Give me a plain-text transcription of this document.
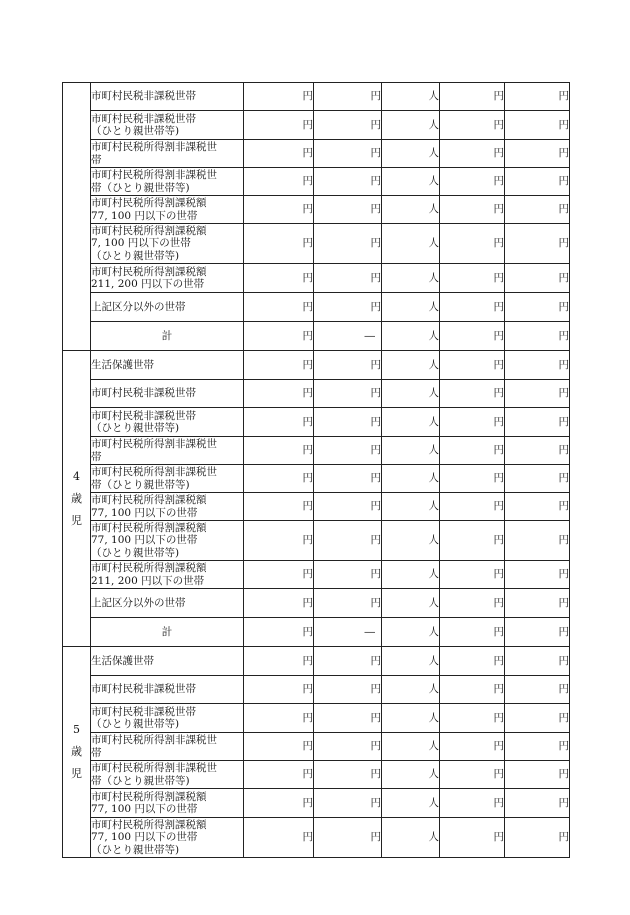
	市町村民税非課税世帯	円	円	人	円	円

	市町村民税非課税世帯
（ひとり親世帯等)	円	円	人	円	円

	市町村民税所得割非課税世
帯	円	円	人	円	円

	市町村民税所得割非課税世
帯（ひとり親世帯等)	円	円	人	円	円

	市町村民税所得割課税額
77, 100 円以下の世帯	円	円	人	円	円

	市町村民税所得割課税額
7, 100 円以下の世帯
（ひとり親世帯等)	円	円	人	円	円

	市町村民税所得割課税額
211, 200 円以下の世帯	円	円	人	円	円

	上記区分以外の世帯	円	円	人	円	円

	計	円	―	人	円	円

4
歳
児	生活保護世帯	円	円	人	円	円

	市町村民税非課税世帯	円	円	人	円	円

	市町村民税非課税世帯
（ひとり親世帯等)	円	円	人	円	円

	市町村民税所得割非課税世
帯	円	円	人	円	円

	市町村民税所得割非課税世
帯（ひとり親世帯等)	円	円	人	円	円

	市町村民税所得割課税額
77, 100 円以下の世帯	円	円	人	円	円

	市町村民税所得割課税額
77, 100 円以下の世帯
（ひとり親世帯等)	円	円	人	円	円

	市町村民税所得割課税額
211, 200 円以下の世帯	円	円	人	円	円

	上記区分以外の世帯	円	円	人	円	円

	計	円	―	人	円	円

5
歳
児	生活保護世帯	円	円	人	円	円

	市町村民税非課税世帯	円	円	人	円	円

	市町村民税非課税世帯
（ひとり親世帯等)	円	円	人	円	円

	市町村民税所得割非課税世
帯	円	円	人	円	円

	市町村民税所得割非課税世
帯（ひとり親世帯等)	円	円	人	円	円

	市町村民税所得割課税額
77, 100 円以下の世帯	円	円	人	円	円

	市町村民税所得割課税額
77, 100 円以下の世帯
（ひとり親世帯等)	円	円	人	円	円
